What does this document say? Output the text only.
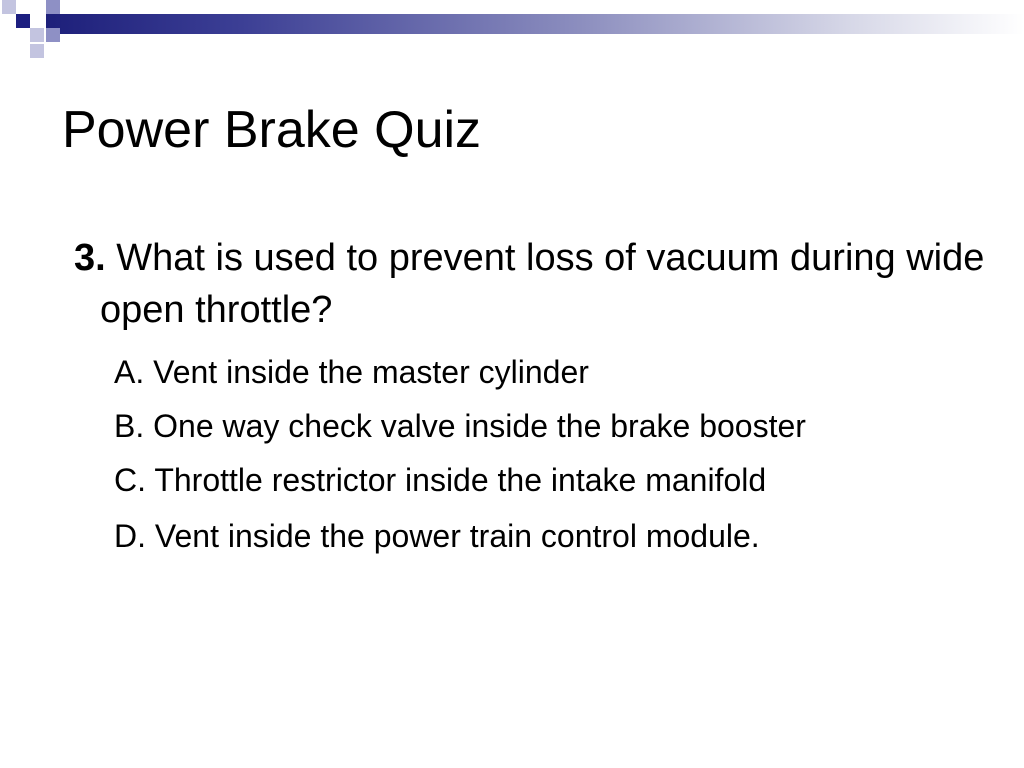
Power Brake Quiz

3. What is used to prevent loss of vacuum during wide open throttle?

A. Vent inside the master cylinder
B. One way check valve inside the brake booster
C. Throttle restrictor inside the intake manifold
D. Vent inside the power train control module.
